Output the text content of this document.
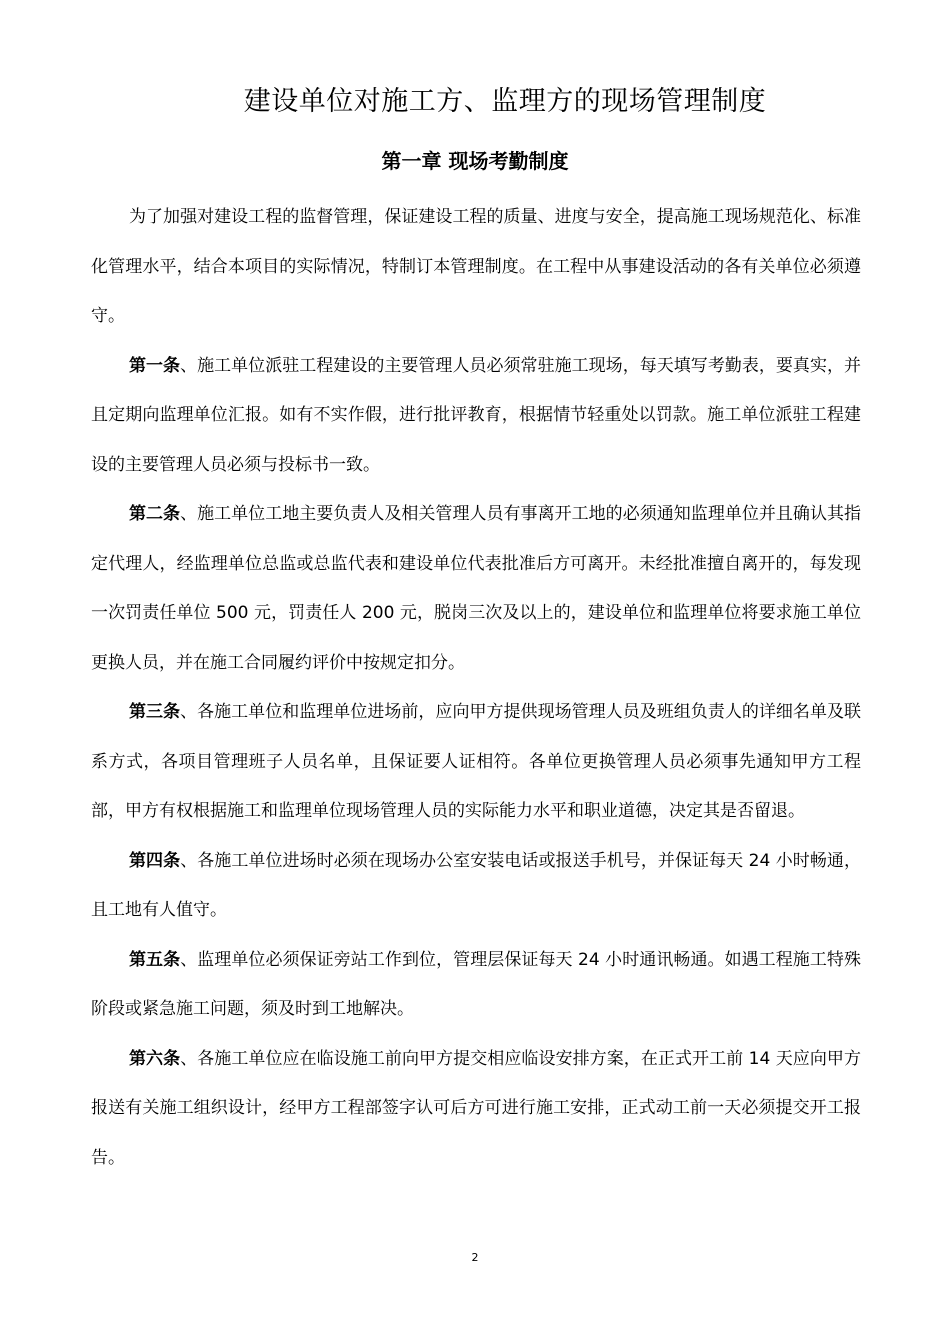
建设单位对施工方、监理方的现场管理制度
第一章 现场考勤制度

为了加强对建设工程的监督管理，保证建设工程的质量、进度与安全，提高施工现场规范化、标准化管理水平，结合本项目的实际情况，特制订本管理制度。在工程中从事建设活动的各有关单位必须遵守。

第一条、施工单位派驻工程建设的主要管理人员必须常驻施工现场，每天填写考勤表，要真实，并且定期向监理单位汇报。如有不实作假，进行批评教育，根据情节轻重处以罚款。施工单位派驻工程建设的主要管理人员必须与投标书一致。

第二条、施工单位工地主要负责人及相关管理人员有事离开工地的必须通知监理单位并且确认其指定代理人，经监理单位总监或总监代表和建设单位代表批准后方可离开。未经批准擅自离开的，每发现一次罚责任单位 500 元，罚责任人 200 元，脱岗三次及以上的，建设单位和监理单位将要求施工单位更换人员，并在施工合同履约评价中按规定扣分。

第三条、各施工单位和监理单位进场前，应向甲方提供现场管理人员及班组负责人的详细名单及联系方式，各项目管理班子人员名单，且保证要人证相符。各单位更换管理人员必须事先通知甲方工程部，甲方有权根据施工和监理单位现场管理人员的实际能力水平和职业道德，决定其是否留退。

第四条、各施工单位进场时必须在现场办公室安装电话或报送手机号，并保证每天 24 小时畅通，且工地有人值守。

第五条、监理单位必须保证旁站工作到位，管理层保证每天 24 小时通讯畅通。如遇工程施工特殊阶段或紧急施工问题，须及时到工地解决。

第六条、各施工单位应在临设施工前向甲方提交相应临设安排方案，在正式开工前 14 天应向甲方报送有关施工组织设计，经甲方工程部签字认可后方可进行施工安排，正式动工前一天必须提交开工报告。

2
